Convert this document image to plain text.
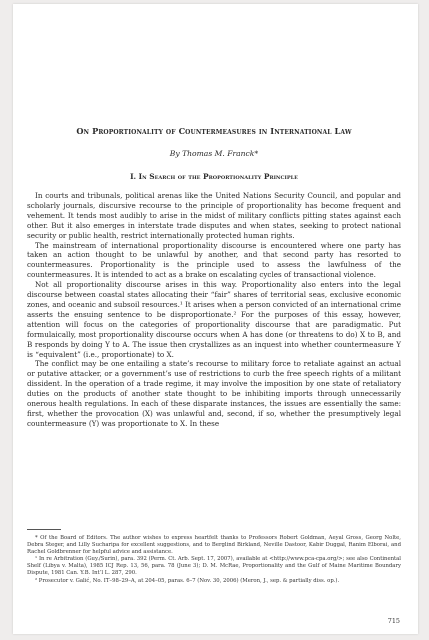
On Proportionality of Countermeasures in International Law

By Thomas M. Franck*

I. In Search of the Proportionality Principle

In courts and tribunals, political arenas like the United Nations Security Council, and popular and scholarly journals, discursive recourse to the principle of proportionality has become frequent and vehement. It tends most audibly to arise in the midst of military conflicts pitting states against each other. But it also emerges in interstate trade disputes and when states, seeking to protect national security or public health, restrict internationally protected human rights.

The mainstream of international proportionality discourse is encountered where one party has taken an action thought to be unlawful by another, and that second party has resorted to countermeasures. Proportionality is the principle used to assess the lawfulness of the countermeasures. It is intended to act as a brake on escalating cycles of transactional violence.

Not all proportionality discourse arises in this way. Proportionality also enters into the legal discourse between coastal states allocating their “fair” shares of territorial seas, exclusive economic zones, and oceanic and subsoil resources.¹ It arises when a person convicted of an international crime asserts the ensuing sentence to be disproportionate.² For the purposes of this essay, however, attention will focus on the categories of proportionality discourse that are paradigmatic. Put formulaically, most proportionality discourse occurs when A has done (or threatens to do) X to B, and B responds by doing Y to A. The issue then crystallizes as an inquest into whether countermeasure Y is “equivalent” (i.e., proportionate) to X.

The conflict may be one entailing a state’s recourse to military force to retaliate against an actual or putative attacker, or a government’s use of restrictions to curb the free speech rights of a militant dissident. In the operation of a trade regime, it may involve the imposition by one state of retaliatory duties on the products of another state thought to be inhibiting imports through unnecessarily onerous health regulations. In each of these disparate instances, the issues are essentially the same: first, whether the provocation (X) was unlawful and, second, if so, whether the presumptively legal countermeasure (Y) was proportionate to X. In these

* Of the Board of Editors. The author wishes to express heartfelt thanks to Professors Robert Goldman, Aeyal Gross, Georg Nolte, Debra Steger, and Lilly Sucharipa for excellent suggestions, and to Berglind Birkland, Neville Dastoor, Kabir Duggal, Ranim Elborai, and Rachel Goldbrenner for helpful advice and assistance.

¹ In re Arbitration (Guy./Surin), para. 392 (Perm. Ct. Arb. Sept. 17, 2007), available at <http://www.pca-cpa.org/>; see also Continental Shelf (Libya v. Malta), 1985 ICJ Rep. 13, 56, para. 78 (June 3); D. M. McRae, Proportionality and the Gulf of Maine Maritime Boundary Dispute, 1981 Can. Y.B. Int’l L. 287, 290.

² Prosecutor v. Galić, No. IT–98–29–A, at 204–05, paras. 6–7 (Nov. 30, 2006) (Meron, J., sep. & partially diss. op.).

715
